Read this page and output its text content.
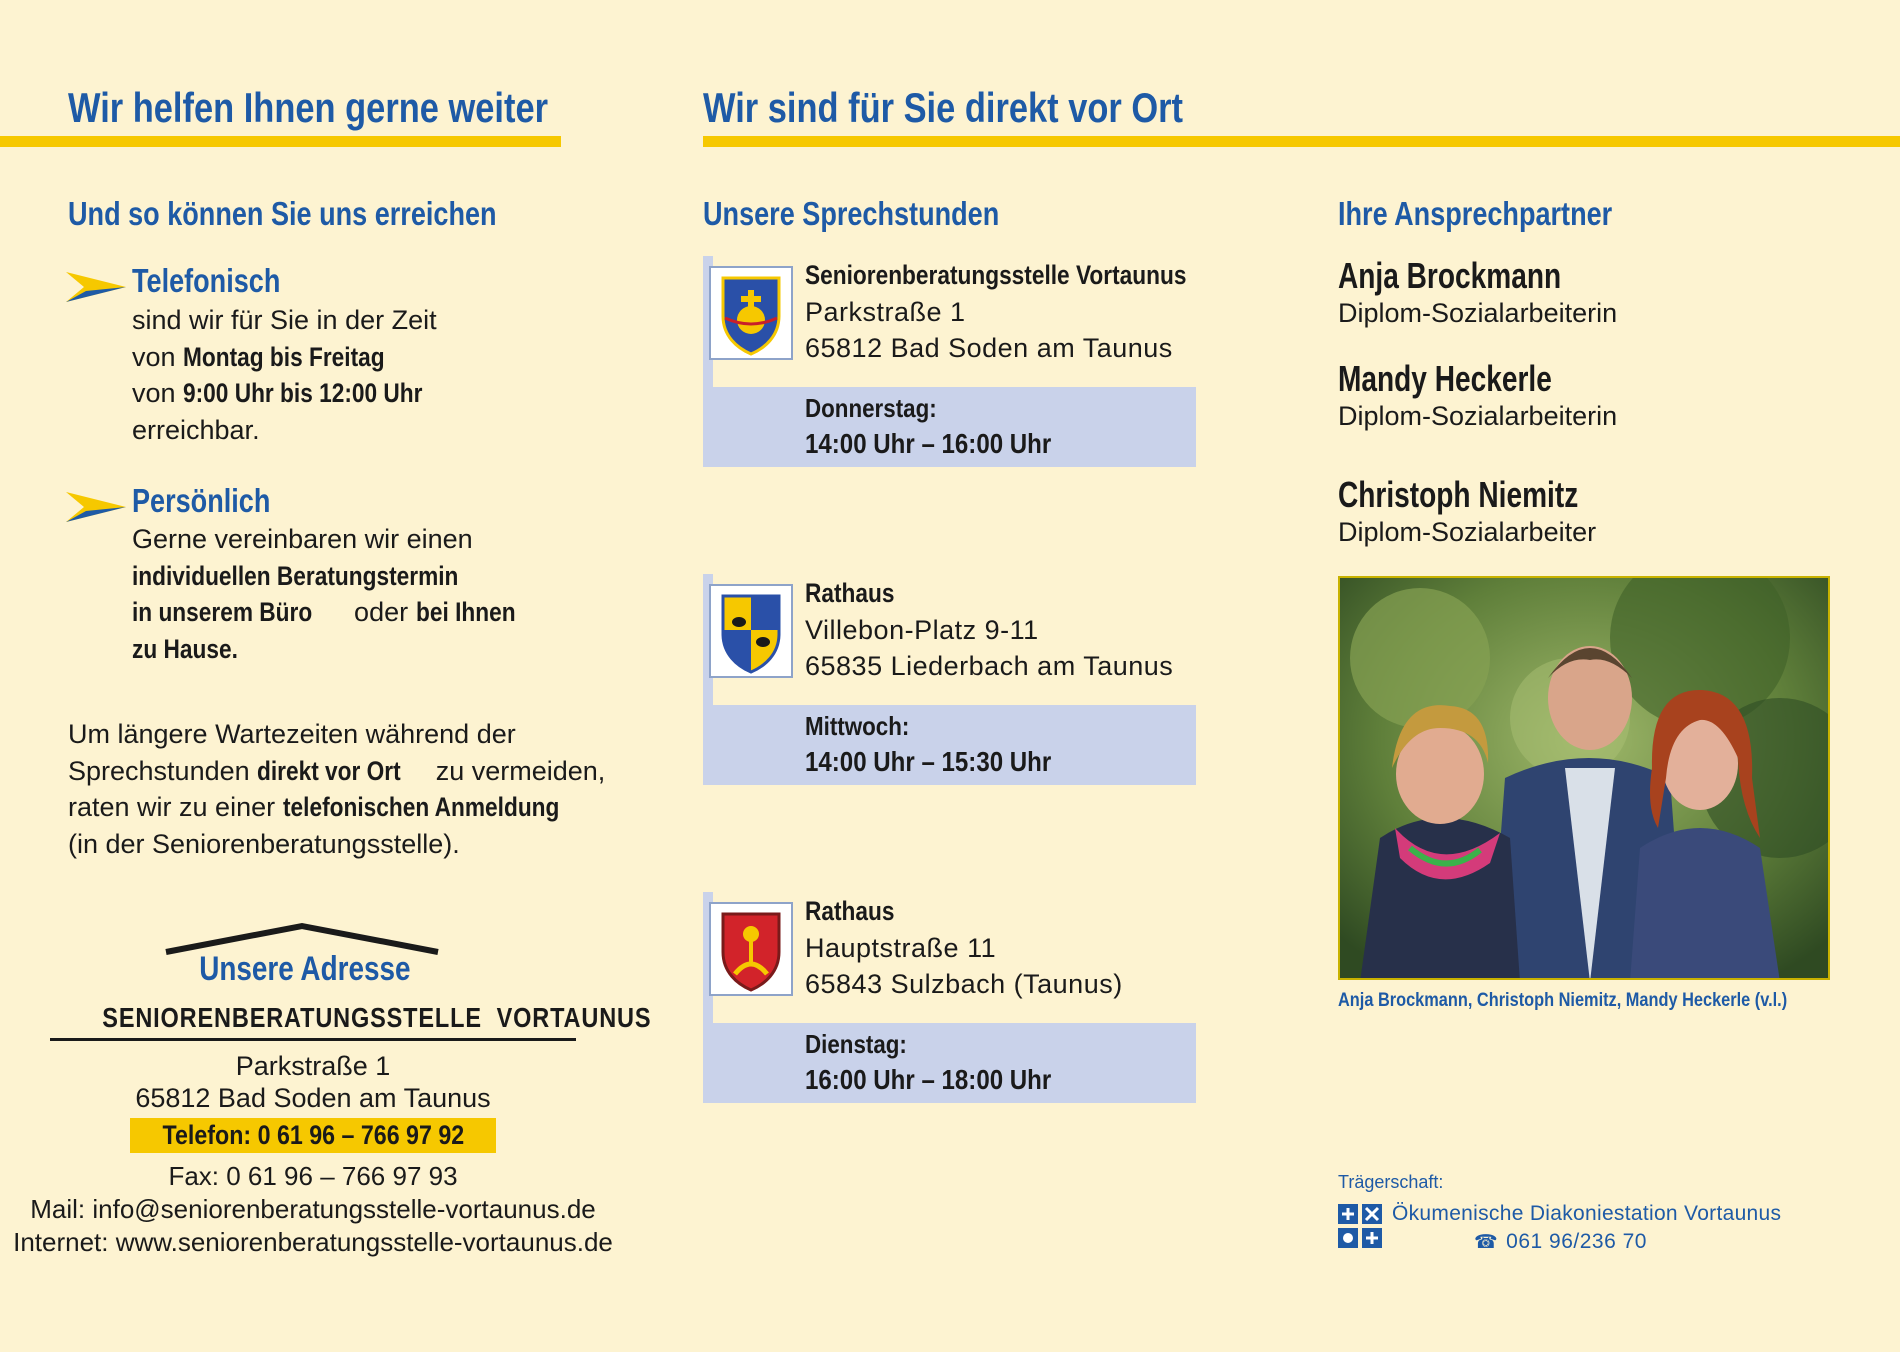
Wir helfen Ihnen gerne weiter
Und so können Sie uns erreichen
Telefonisch
sind wir für Sie in der Zeit
von Montag bis Freitag
von 9:00 Uhr bis 12:00 Uhr
erreichbar.
Persönlich
Gerne vereinbaren wir einen
individuellen Beratungstermin
in unserem Büro oder bei Ihnen
zu Hause.
Um längere Wartezeiten während der
Sprechstunden direkt vor Ort zu vermeiden,
raten wir zu einer telefonischen Anmeldung
(in der Seniorenberatungsstelle).
Unsere Adresse
SENIORENBERATUNGSSTELLE  VORTAUNUS
Parkstraße 1
65812 Bad Soden am Taunus
Telefon: 0 61 96 – 766 97 92
Fax: 0 61 96 – 766 97 93
Mail: info@seniorenberatungsstelle-vortaunus.de
Internet: www.seniorenberatungsstelle-vortaunus.de
Wir sind für Sie direkt vor Ort
Unsere Sprechstunden
Seniorenberatungsstelle Vortaunus
Parkstraße 1
65812 Bad Soden am Taunus
Donnerstag:
14:00 Uhr – 16:00 Uhr
Rathaus
Villebon-Platz 9-11
65835 Liederbach am Taunus
Mittwoch:
14:00 Uhr – 15:30 Uhr
Rathaus
Hauptstraße 11
65843 Sulzbach (Taunus)
Dienstag:
16:00 Uhr – 18:00 Uhr
Ihre Ansprechpartner
Anja Brockmann
Diplom-Sozialarbeiterin
Mandy Heckerle
Diplom-Sozialarbeiterin
Christoph Niemitz
Diplom-Sozialarbeiter
Anja Brockmann, Christoph Niemitz, Mandy Heckerle (v.l.)
Trägerschaft:
Ökumenische Diakoniestation Vortaunus
☎ 061 96/236 70
